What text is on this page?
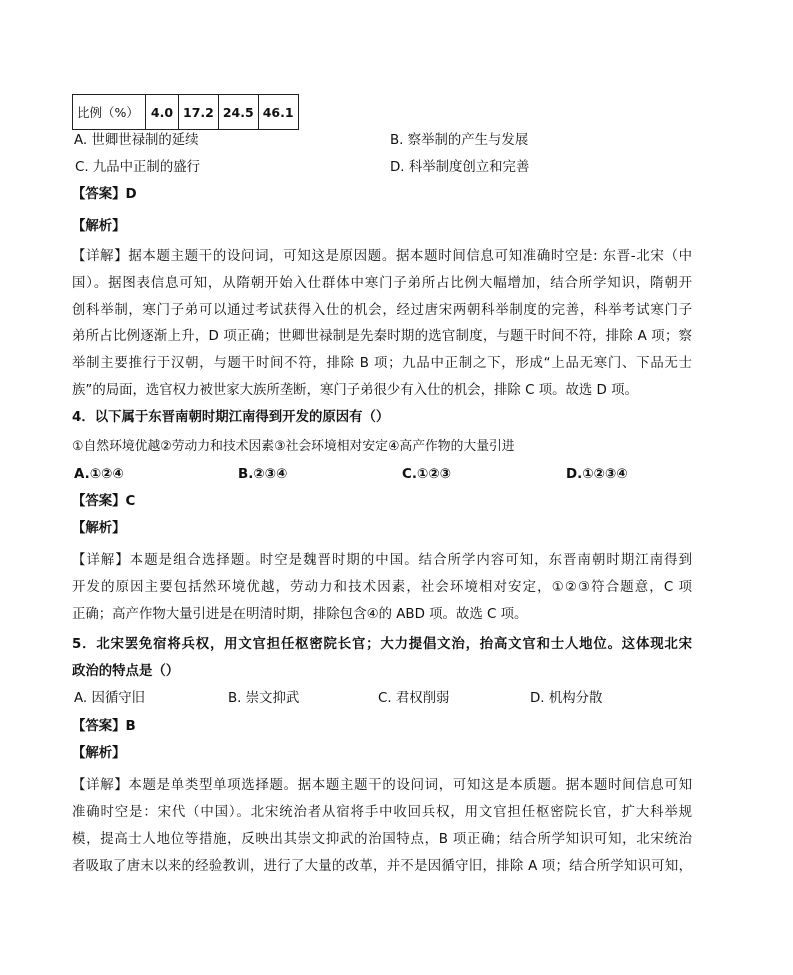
比例（%）	4.0	17.2	24.5	46.1
A. 世卿世禄制的延续	B. 察举制的产生与发展
C. 九品中正制的盛行	D. 科举制度创立和完善
【答案】D
【解析】
【详解】据本题主题干的设问词，可知这是原因题。据本题时间信息可知准确时空是: 东晋-北宋（中
国）。据图表信息可知，从隋朝开始入仕群体中寒门子弟所占比例大幅增加，结合所学知识，隋朝开
创科举制，寒门子弟可以通过考试获得入仕的机会，经过唐宋两朝科举制度的完善，科举考试寒门子
弟所占比例逐渐上升，D 项正确；世卿世禄制是先秦时期的选官制度，与题干时间不符，排除 A 项；察
举制主要推行于汉朝，与题干时间不符，排除 B 项；九品中正制之下，形成“上品无寒门、下品无士
族”的局面，选官权力被世家大族所垄断，寒门子弟很少有入仕的机会，排除 C 项。故选 D 项。
4．以下属于东晋南朝时期江南得到开发的原因有（）
①自然环境优越②劳动力和技术因素③社会环境相对安定④高产作物的大量引进
A.①②④	B.②③④	C.①②③	D.①②③④
【答案】C
【解析】
【详解】本题是组合选择题。时空是魏晋时期的中国。结合所学内容可知，东晋南朝时期江南得到
开发的原因主要包括然环境优越，劳动力和技术因素，社会环境相对安定，①②③符合题意，C 项
正确；高产作物大量引进是在明清时期，排除包含④的 ABD 项。故选 C 项。
5．北宋罢免宿将兵权，用文官担任枢密院长官；大力提倡文治，抬高文官和士人地位。这体现北宋
政治的特点是（）
A. 因循守旧	B. 崇文抑武	C. 君权削弱	D. 机构分散
【答案】B
【解析】
【详解】本题是单类型单项选择题。据本题主题干的设问词，可知这是本质题。据本题时间信息可知
准确时空是：宋代（中国）。北宋统治者从宿将手中收回兵权，用文官担任枢密院长官，扩大科举规
模，提高士人地位等措施，反映出其崇文抑武的治国特点，B 项正确；结合所学知识可知，北宋统治
者吸取了唐末以来的经验教训，进行了大量的改革，并不是因循守旧，排除 A 项；结合所学知识可知，
